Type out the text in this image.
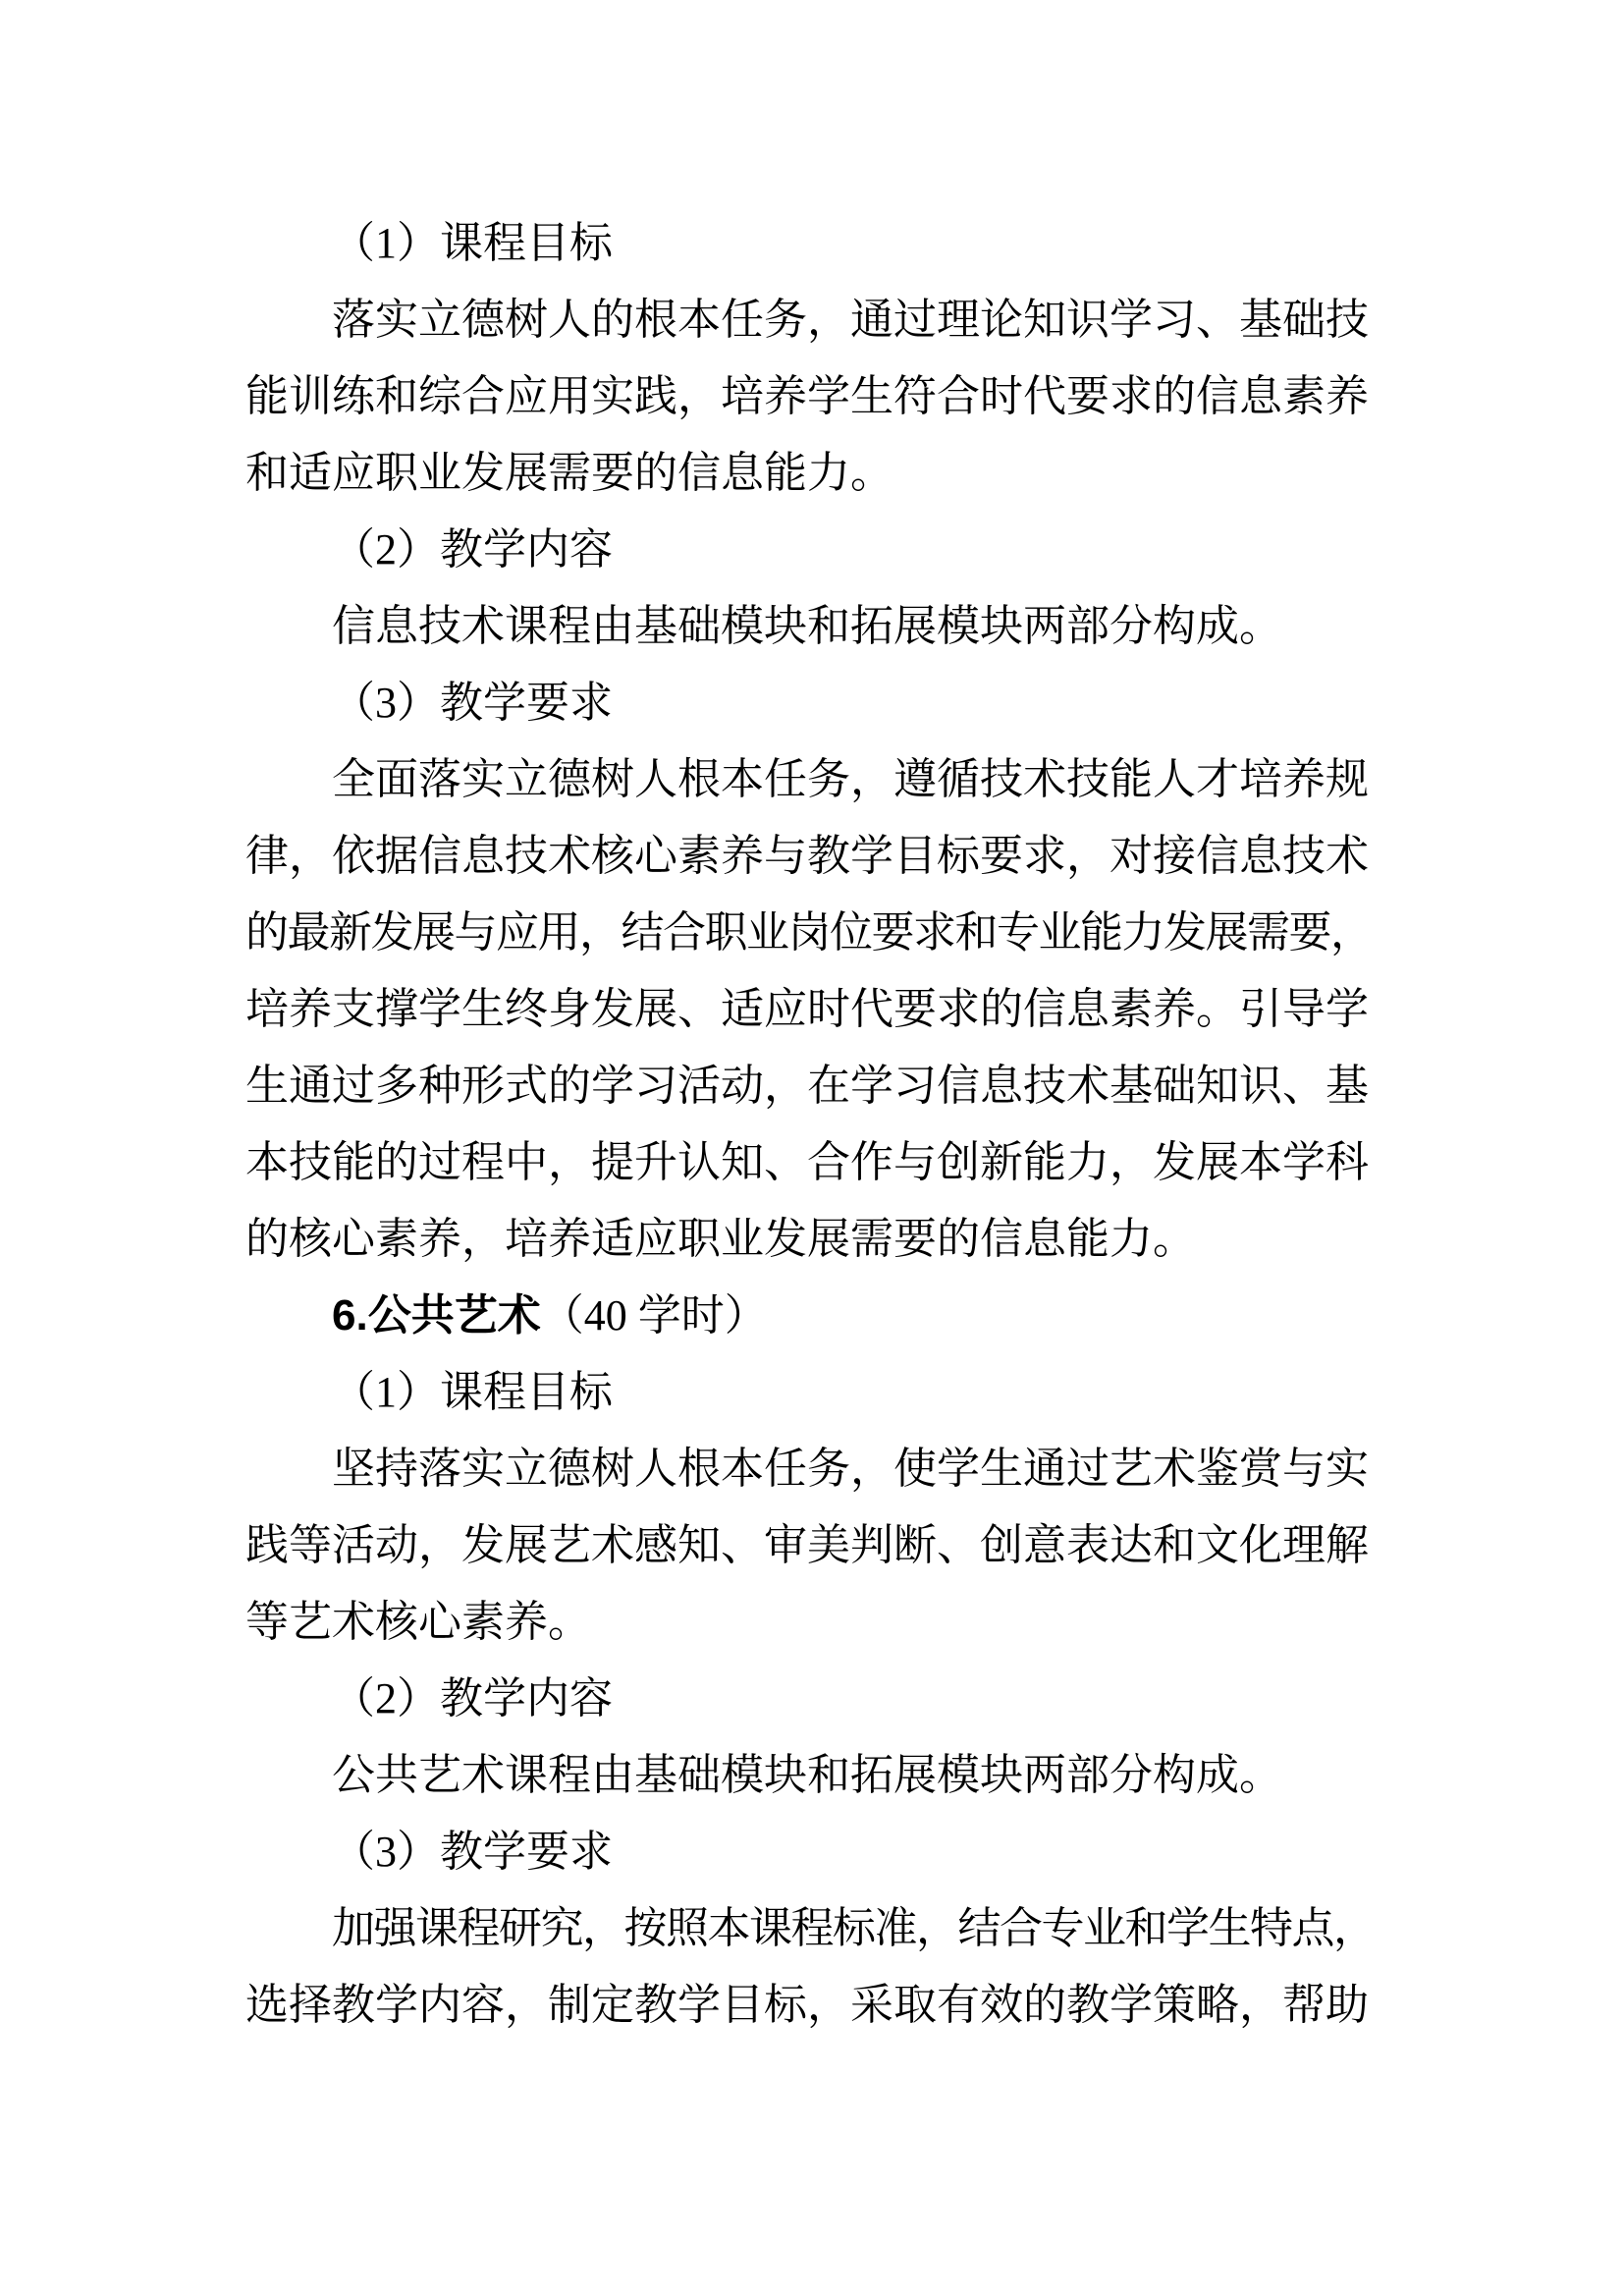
（1）课程目标
落实立德树人的根本任务，通过理论知识学习、基础技
能训练和综合应用实践，培养学生符合时代要求的信息素养
和适应职业发展需要的信息能力。
（2）教学内容
信息技术课程由基础模块和拓展模块两部分构成。
（3）教学要求
全面落实立德树人根本任务，遵循技术技能人才培养规
律，依据信息技术核心素养与教学目标要求，对接信息技术
的最新发展与应用，结合职业岗位要求和专业能力发展需要，
培养支撑学生终身发展、适应时代要求的信息素养。引导学
生通过多种形式的学习活动，在学习信息技术基础知识、基
本技能的过程中，提升认知、合作与创新能力，发展本学科
的核心素养，培养适应职业发展需要的信息能力。
6.公共艺术（40 学时）
（1）课程目标
坚持落实立德树人根本任务，使学生通过艺术鉴赏与实
践等活动，发展艺术感知、审美判断、创意表达和文化理解
等艺术核心素养。
（2）教学内容
公共艺术课程由基础模块和拓展模块两部分构成。
（3）教学要求
加强课程研究，按照本课程标准，结合专业和学生特点，
选择教学内容，制定教学目标，采取有效的教学策略，帮助
